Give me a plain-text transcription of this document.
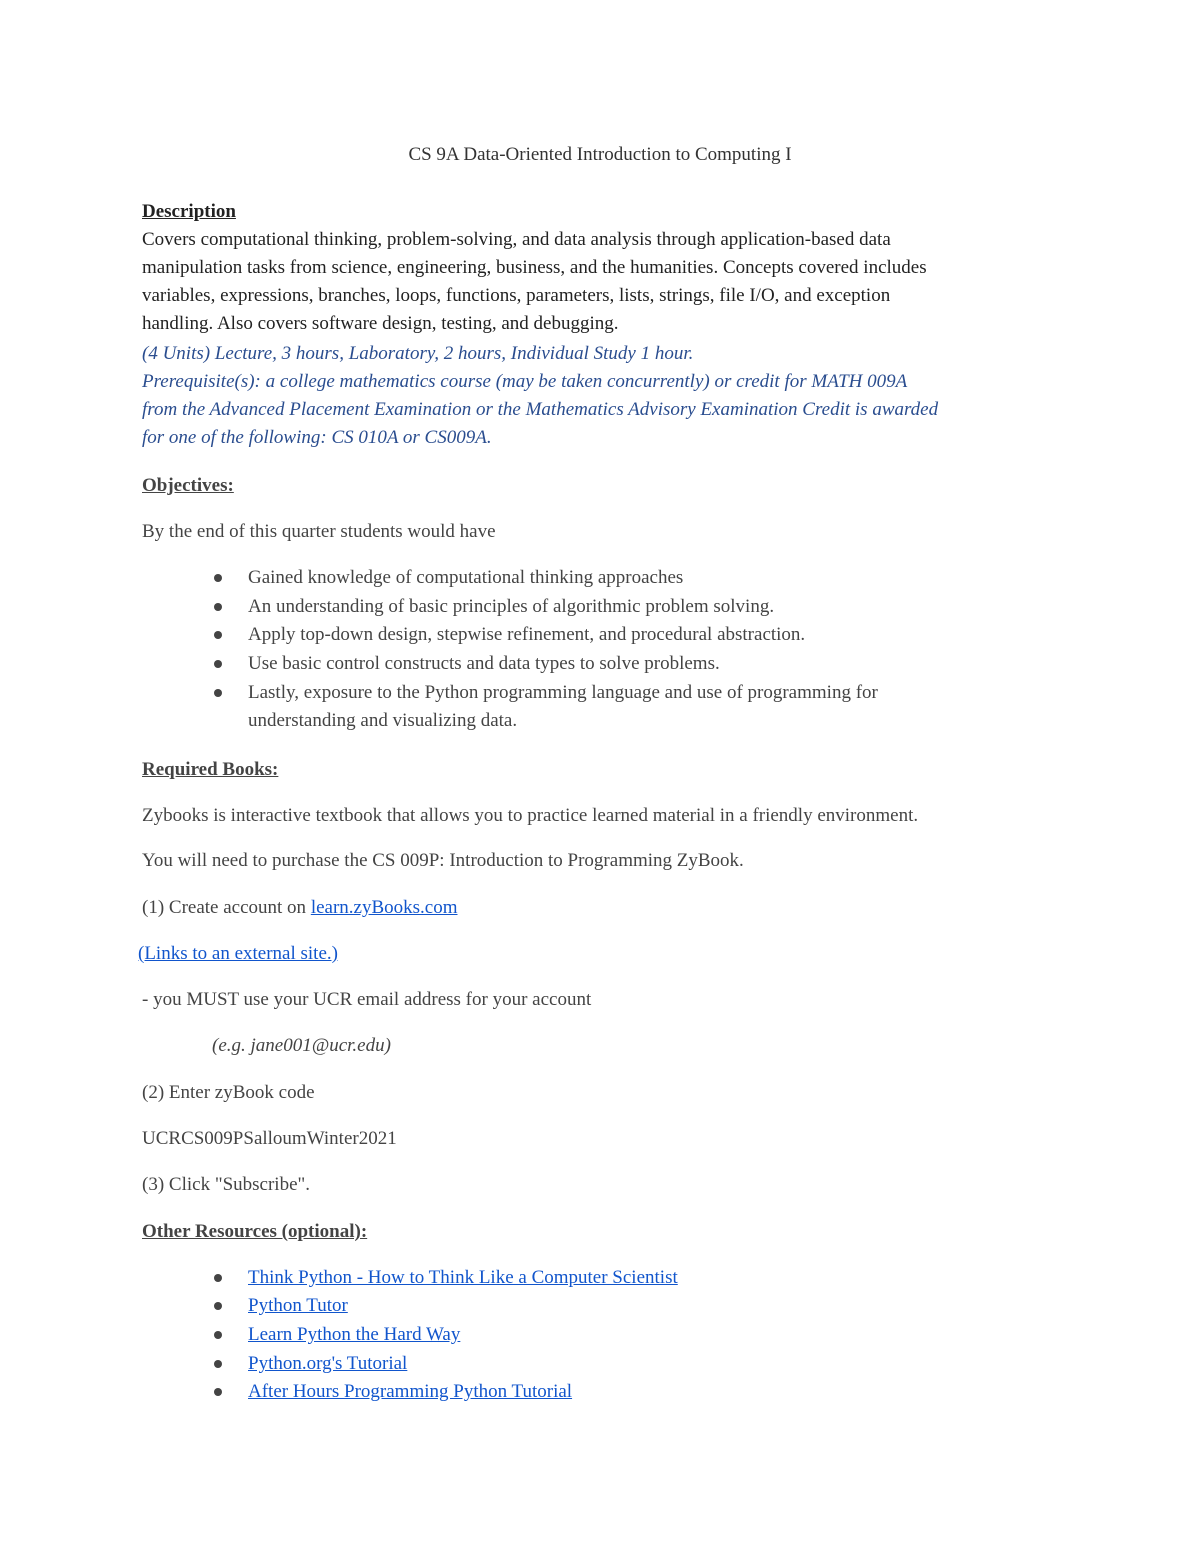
CS 9A Data-Oriented Introduction to Computing I
Description
Covers computational thinking, problem-solving, and data analysis through application-based data
manipulation tasks from science, engineering, business, and the humanities. Concepts covered includes
variables, expressions, branches, loops, functions, parameters, lists, strings, file I/O, and exception
handling. Also covers software design, testing, and debugging.
(4 Units) Lecture, 3 hours, Laboratory, 2 hours, Individual Study 1 hour.
Prerequisite(s): a college mathematics course (may be taken concurrently) or credit for MATH 009A
from the Advanced Placement Examination or the Mathematics Advisory Examination Credit is awarded
for one of the following: CS 010A or CS009A.
Objectives:
By the end of this quarter students would have
Gained knowledge of computational thinking approaches
An understanding of basic principles of algorithmic problem solving.
Apply top-down design, stepwise refinement, and procedural abstraction.
Use basic control constructs and data types to solve problems.
Lastly, exposure to the Python programming language and use of programming for
understanding and visualizing data.
Required Books:
Zybooks is interactive textbook that allows you to practice learned material in a friendly environment.
You will need to purchase the CS 009P: Introduction to Programming ZyBook.
(1) Create account on learn.zyBooks.com
(Links to an external site.)
- you MUST use your UCR email address for your account
(e.g. jane001@ucr.edu)
(2) Enter zyBook code
UCRCS009PSalloumWinter2021
(3) Click "Subscribe".
Other Resources (optional):
Think Python - How to Think Like a Computer Scientist
Python Tutor
Learn Python the Hard Way
Python.org's Tutorial
After Hours Programming Python Tutorial
